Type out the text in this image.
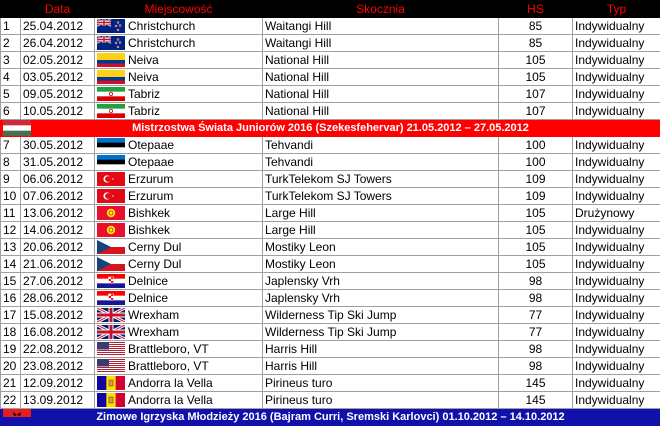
	Data	Miejscowość	Skocznia	HS	Typ
1	25.04.2012	Christchurch	Waitangi Hill	85	Indywidualny
2	26.04.2012	Christchurch	Waitangi Hill	85	Indywidualny
3	02.05.2012	Neiva	National Hill	105	Indywidualny
4	03.05.2012	Neiva	National Hill	105	Indywidualny
5	09.05.2012	Tabriz	National Hill	107	Indywidualny
6	10.05.2012	Tabriz	National Hill	107	Indywidualny

Mistrzostwa Świata Juniorów 2016 (Szekesfehervar) 21.05.2012 – 27.05.2012					

7	30.05.2012	Otepaae	Tehvandi	100	Indywidualny
8	31.05.2012	Otepaae	Tehvandi	100	Indywidualny
9	06.06.2012	Erzurum	TurkTelekom SJ Towers	109	Indywidualny
10	07.06.2012	Erzurum	TurkTelekom SJ Towers	109	Indywidualny
11	13.06.2012	Bishkek	Large Hill	105	Drużynowy
12	14.06.2012	Bishkek	Large Hill	105	Indywidualny
13	20.06.2012	Cerny Dul	Mostiky Leon	105	Indywidualny
14	21.06.2012	Cerny Dul	Mostiky Leon	105	Indywidualny
15	27.06.2012	Delnice	Japlensky Vrh	98	Indywidualny
16	28.06.2012	Delnice	Japlensky Vrh	98	Indywidualny
17	15.08.2012	Wrexham	Wilderness Tip Ski Jump	77	Indywidualny
18	16.08.2012	Wrexham	Wilderness Tip Ski Jump	77	Indywidualny
19	22.08.2012	Brattleboro, VT	Harris Hill	98	Indywidualny
20	23.08.2012	Brattleboro, VT	Harris Hill	98	Indywidualny
21	12.09.2012	Andorra la Vella	Pirineus turo	145	Indywidualny
22	13.09.2012	Andorra la Vella	Pirineus turo	145	Indywidualny

Zimowe Igrzyska Młodzieży 2016 (Bajram Curri, Sremski Karlovci) 01.10.2012 – 14.10.2012					
